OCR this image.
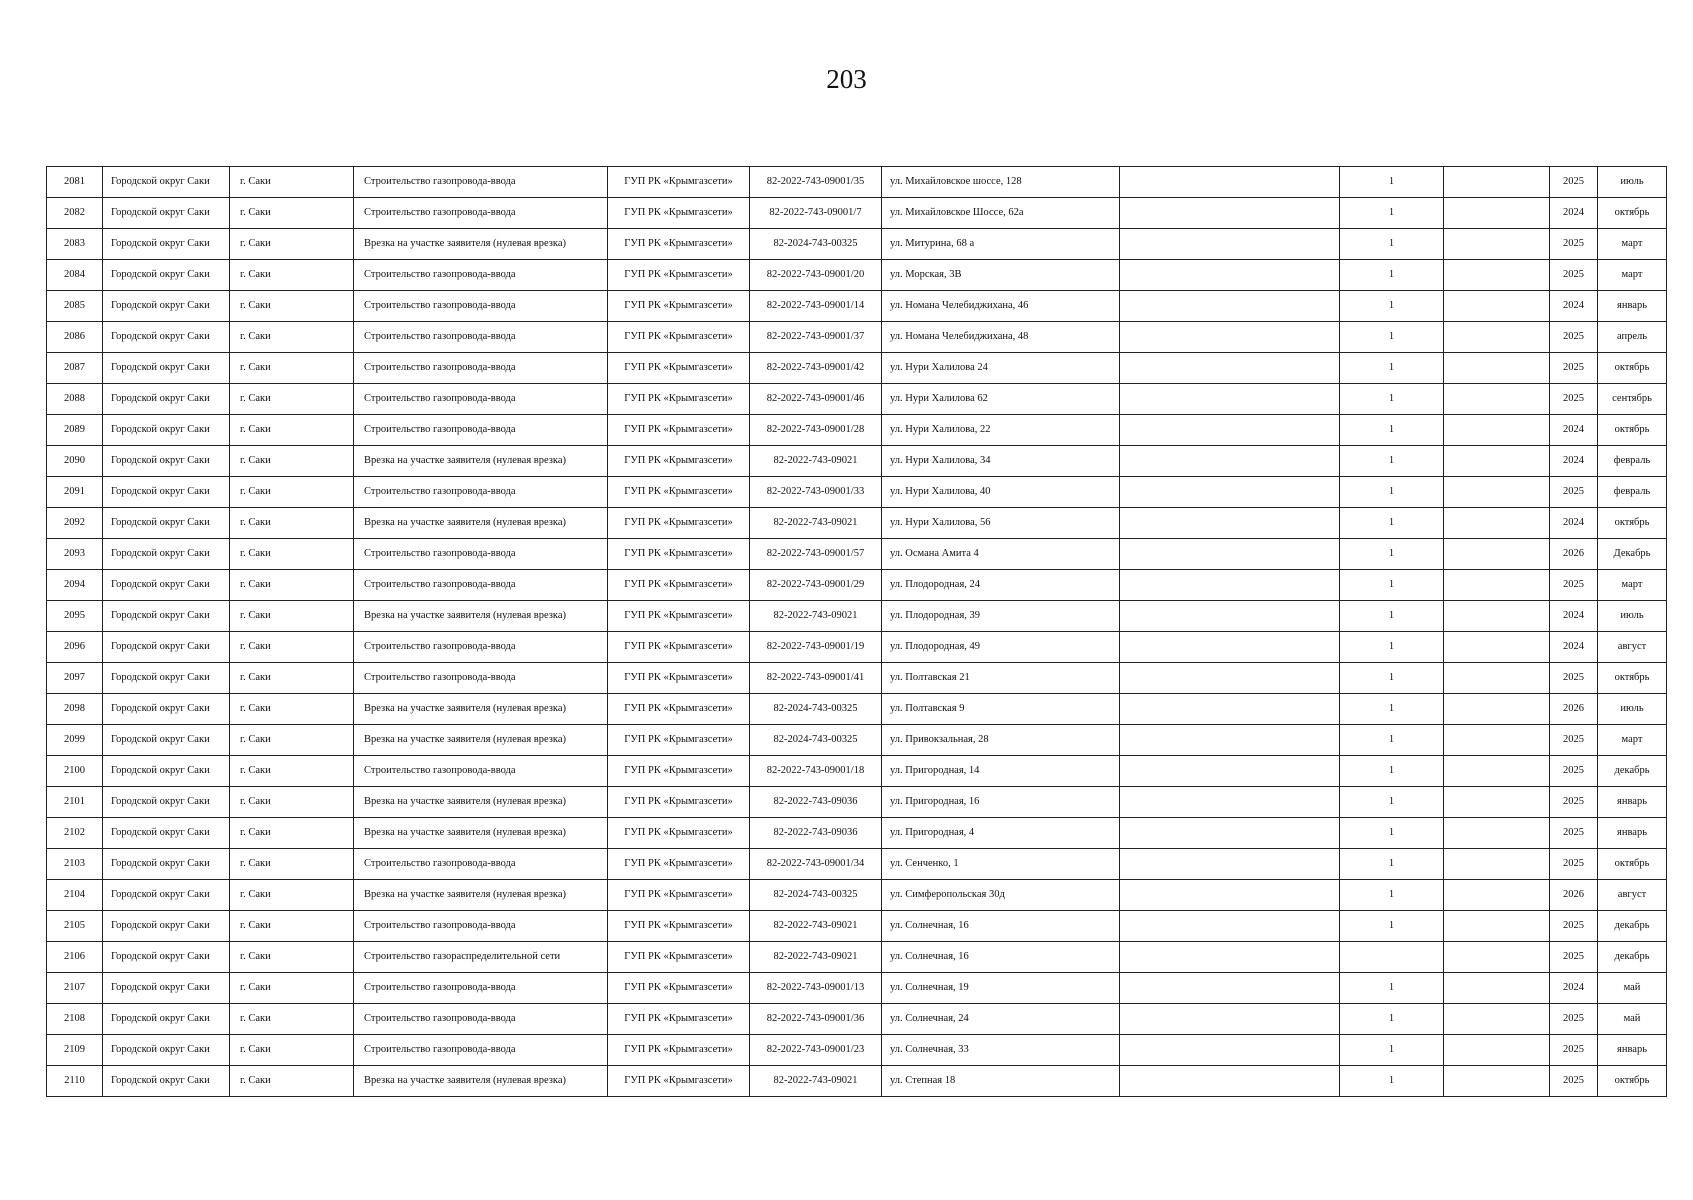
203
2081	Городской округ Саки	г. Саки	Строительство газопровода-ввода	ГУП РК «Крымгазсети»	82-2022-743-09001/35	ул. Михайловское шоссе, 128		1		2025	июль
2082	Городской округ Саки	г. Саки	Строительство газопровода-ввода	ГУП РК «Крымгазсети»	82-2022-743-09001/7	ул. Михайловское Шоссе, 62а		1		2024	октябрь
2083	Городской округ Саки	г. Саки	Врезка на участке заявителя (нулевая врезка)	ГУП РК «Крымгазсети»	82-2024-743-00325	ул. Митурина, 68 а		1		2025	март
2084	Городской округ Саки	г. Саки	Строительство газопровода-ввода	ГУП РК «Крымгазсети»	82-2022-743-09001/20	ул. Морская, 3В		1		2025	март
2085	Городской округ Саки	г. Саки	Строительство газопровода-ввода	ГУП РК «Крымгазсети»	82-2022-743-09001/14	ул. Номана Челебиджихана, 46		1		2024	январь
2086	Городской округ Саки	г. Саки	Строительство газопровода-ввода	ГУП РК «Крымгазсети»	82-2022-743-09001/37	ул. Номана Челебиджихана, 48		1		2025	апрель
2087	Городской округ Саки	г. Саки	Строительство газопровода-ввода	ГУП РК «Крымгазсети»	82-2022-743-09001/42	ул. Нури Халилова 24		1		2025	октябрь
2088	Городской округ Саки	г. Саки	Строительство газопровода-ввода	ГУП РК «Крымгазсети»	82-2022-743-09001/46	ул. Нури Халилова 62		1		2025	сентябрь
2089	Городской округ Саки	г. Саки	Строительство газопровода-ввода	ГУП РК «Крымгазсети»	82-2022-743-09001/28	ул. Нури Халилова, 22		1		2024	октябрь
2090	Городской округ Саки	г. Саки	Врезка на участке заявителя (нулевая врезка)	ГУП РК «Крымгазсети»	82-2022-743-09021	ул. Нури Халилова, 34		1		2024	февраль
2091	Городской округ Саки	г. Саки	Строительство газопровода-ввода	ГУП РК «Крымгазсети»	82-2022-743-09001/33	ул. Нури Халилова, 40		1		2025	февраль
2092	Городской округ Саки	г. Саки	Врезка на участке заявителя (нулевая врезка)	ГУП РК «Крымгазсети»	82-2022-743-09021	ул. Нури Халилова, 56		1		2024	октябрь
2093	Городской округ Саки	г. Саки	Строительство газопровода-ввода	ГУП РК «Крымгазсети»	82-2022-743-09001/57	ул. Османа Амита 4		1		2026	Декабрь
2094	Городской округ Саки	г. Саки	Строительство газопровода-ввода	ГУП РК «Крымгазсети»	82-2022-743-09001/29	ул. Плодородная, 24		1		2025	март
2095	Городской округ Саки	г. Саки	Врезка на участке заявителя (нулевая врезка)	ГУП РК «Крымгазсети»	82-2022-743-09021	ул. Плодородная, 39		1		2024	июль
2096	Городской округ Саки	г. Саки	Строительство газопровода-ввода	ГУП РК «Крымгазсети»	82-2022-743-09001/19	ул. Плодородная, 49		1		2024	август
2097	Городской округ Саки	г. Саки	Строительство газопровода-ввода	ГУП РК «Крымгазсети»	82-2022-743-09001/41	ул. Полтавская 21		1		2025	октябрь
2098	Городской округ Саки	г. Саки	Врезка на участке заявителя (нулевая врезка)	ГУП РК «Крымгазсети»	82-2024-743-00325	ул. Полтавская 9		1		2026	июль
2099	Городской округ Саки	г. Саки	Врезка на участке заявителя (нулевая врезка)	ГУП РК «Крымгазсети»	82-2024-743-00325	ул. Привокзальная, 28		1		2025	март
2100	Городской округ Саки	г. Саки	Строительство газопровода-ввода	ГУП РК «Крымгазсети»	82-2022-743-09001/18	ул. Пригородная, 14		1		2025	декабрь
2101	Городской округ Саки	г. Саки	Врезка на участке заявителя (нулевая врезка)	ГУП РК «Крымгазсети»	82-2022-743-09036	ул. Пригородная, 16		1		2025	январь
2102	Городской округ Саки	г. Саки	Врезка на участке заявителя (нулевая врезка)	ГУП РК «Крымгазсети»	82-2022-743-09036	ул. Пригородная, 4		1		2025	январь
2103	Городской округ Саки	г. Саки	Строительство газопровода-ввода	ГУП РК «Крымгазсети»	82-2022-743-09001/34	ул. Сенченко, 1		1		2025	октябрь
2104	Городской округ Саки	г. Саки	Врезка на участке заявителя (нулевая врезка)	ГУП РК «Крымгазсети»	82-2024-743-00325	ул. Симферопольская 30д		1		2026	август
2105	Городской округ Саки	г. Саки	Строительство газопровода-ввода	ГУП РК «Крымгазсети»	82-2022-743-09021	ул. Солнечная, 16		1		2025	декабрь
2106	Городской округ Саки	г. Саки	Строительство газораспределительной сети	ГУП РК «Крымгазсети»	82-2022-743-09021	ул. Солнечная, 16				2025	декабрь
2107	Городской округ Саки	г. Саки	Строительство газопровода-ввода	ГУП РК «Крымгазсети»	82-2022-743-09001/13	ул. Солнечная, 19		1		2024	май
2108	Городской округ Саки	г. Саки	Строительство газопровода-ввода	ГУП РК «Крымгазсети»	82-2022-743-09001/36	ул. Солнечная, 24		1		2025	май
2109	Городской округ Саки	г. Саки	Строительство газопровода-ввода	ГУП РК «Крымгазсети»	82-2022-743-09001/23	ул. Солнечная, 33		1		2025	январь
2110	Городской округ Саки	г. Саки	Врезка на участке заявителя (нулевая врезка)	ГУП РК «Крымгазсети»	82-2022-743-09021	ул. Степная 18		1		2025	октябрь
